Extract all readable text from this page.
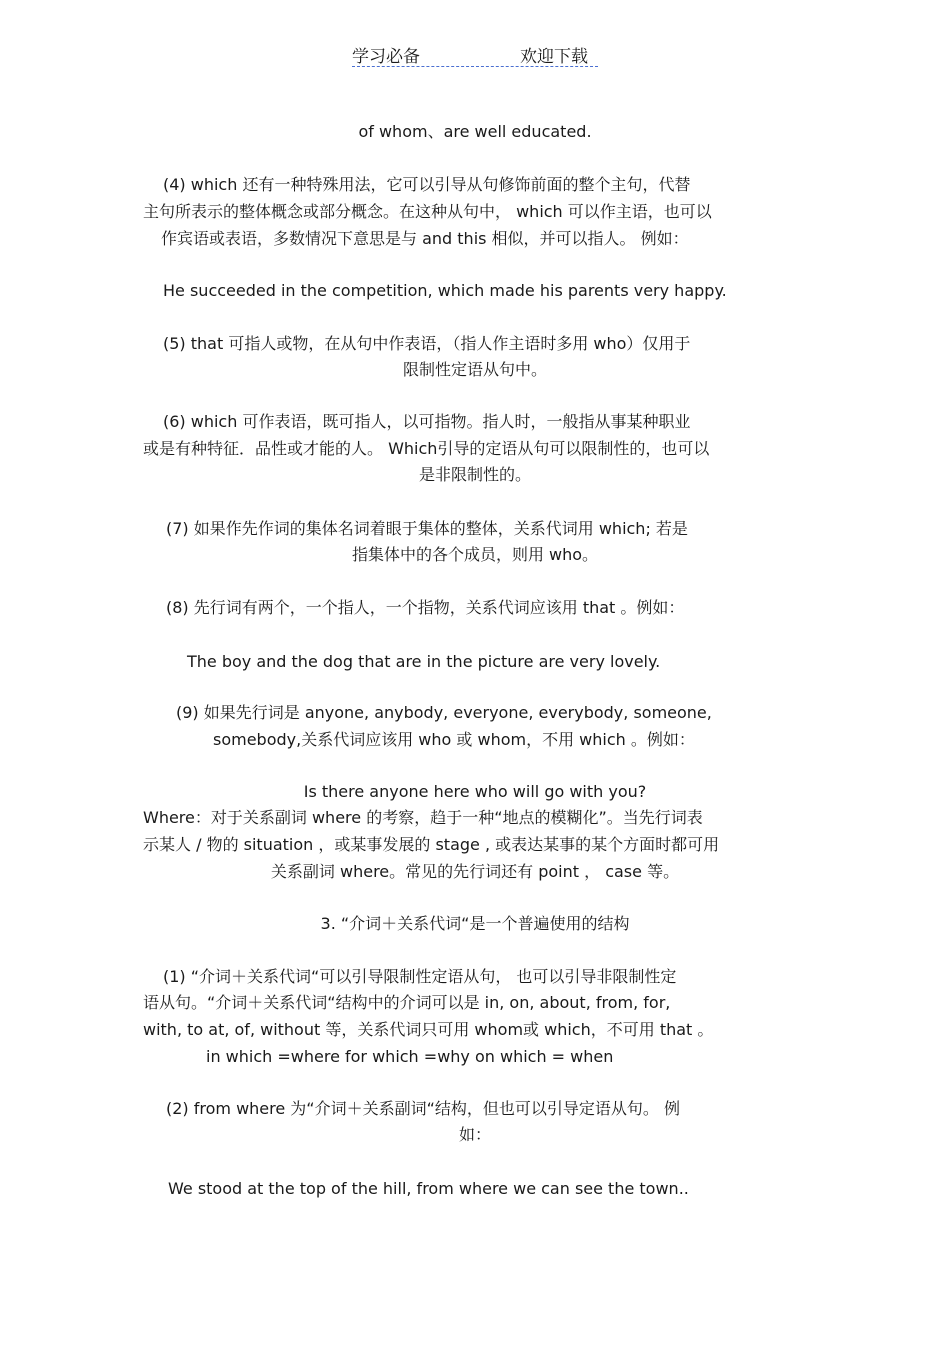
学习必备	欢迎下载
of whom、are well educated.
(4) which 还有一种特殊用法，它可以引导从句修饰前面的整个主句，代替
主句所表示的整体概念或部分概念。在这种从句中， which 可以作主语，也可以
作宾语或表语，多数情况下意思是与 and this 相似，并可以指人。 例如：
He succeeded in the competition, which made his parents very happy.
(5) that 可指人或物，在从句中作表语，（指人作主语时多用 who）仅用于
限制性定语从句中。
(6) which 可作表语，既可指人，以可指物。指人时，一般指从事某种职业
或是有种特征．品性或才能的人。 Which引导的定语从句可以限制性的，也可以
是非限制性的。
(7) 如果作先作词的集体名词着眼于集体的整体，关系代词用 which; 若是
指集体中的各个成员，则用 who。
(8) 先行词有两个，一个指人，一个指物，关系代词应该用 that 。例如：
The boy and the dog that are in the picture are very lovely.
(9) 如果先行词是 anyone, anybody, everyone, everybody, someone,
somebody,关系代词应该用 who 或 whom，不用 which 。例如：
Is there anyone here who will go with you?
Where：对于关系副词 where 的考察，趋于一种“地点的模糊化”。当先行词表
示某人 / 物的 situation ，或某事发展的 stage , 或表达某事的某个方面时都可用
关系副词 where。常见的先行词还有 point ， case 等。
3. “介词＋关系代词“是一个普遍使用的结构
(1) “介词＋关系代词“可以引导限制性定语从句， 也可以引导非限制性定
语从句。“介词＋关系代词“结构中的介词可以是 in, on, about, from, for,
with, to at, of, without 等，关系代词只可用 whom或 which，不可用 that 。
in which =where for which =why on which = when
(2) from where 为“介词＋关系副词“结构，但也可以引导定语从句。 例
如：
We stood at the top of the hill, from where we can see the town..
